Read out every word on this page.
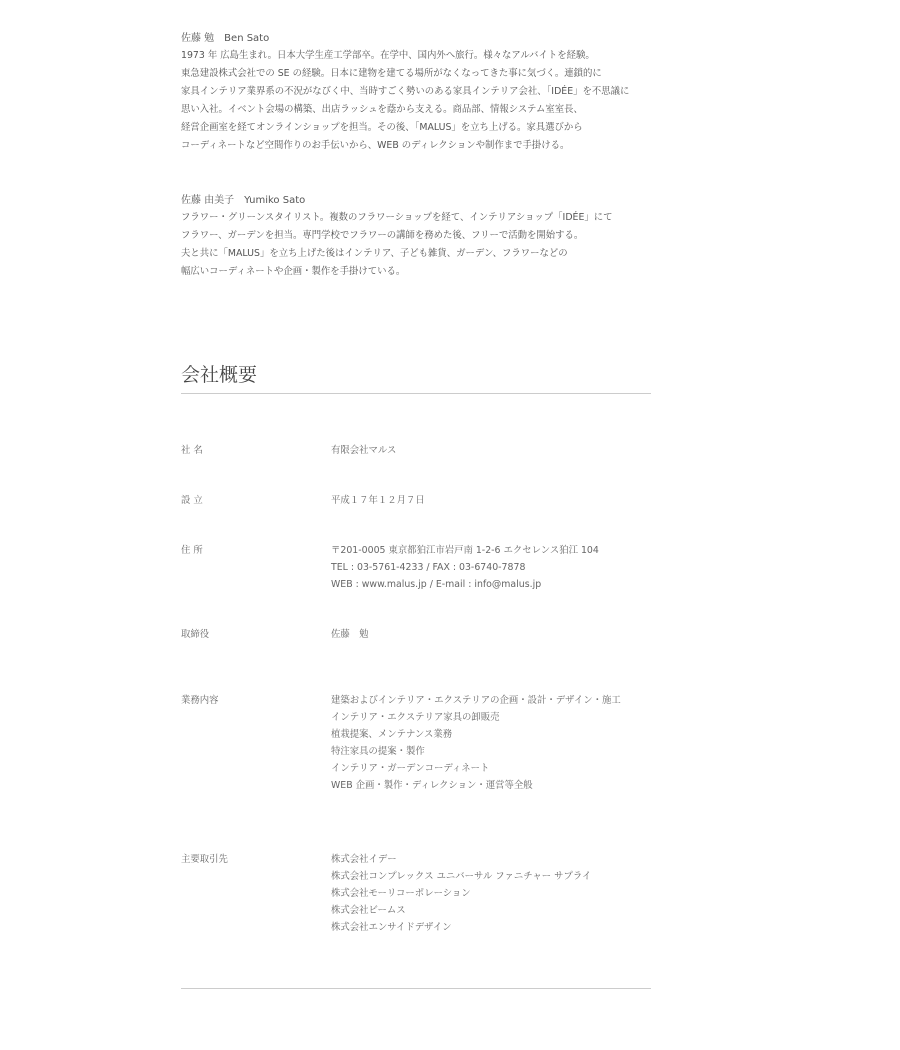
佐藤 勉　Ben Sato

1973 年 広島生まれ。日本大学生産工学部卒。在学中、国内外へ旅行。様々なアルバイトを経験。

東急建設株式会社での SE の経験。日本に建物を建てる場所がなくなってきた事に気づく。連鎖的に

家具インテリア業界系の不況がなびく中、当時すごく勢いのある家具インテリア会社、「IDÉE」を不思議に

思い入社。イベント会場の構築、出店ラッシュを蔭から支える。商品部、情報システム室室長、

経営企画室を経てオンラインショップを担当。その後、「MALUS」を立ち上げる。家具選びから

コーディネートなど空間作りのお手伝いから、WEB のディレクションや制作まで手掛ける。

佐藤 由美子　Yumiko Sato

フラワー・グリーンスタイリスト。複数のフラワーショップを経て、インテリアショップ「IDÉE」にて

フラワー、ガーデンを担当。専門学校でフラワーの講師を務めた後、フリーで活動を開始する。

夫と共に「MALUS」を立ち上げた後はインテリア、子ども雑貨、ガーデン、フラワーなどの

幅広いコーディネートや企画・製作を手掛けている。

会社概要
社 名	有限会社マルス

設 立	平成１７年１２月７日

住 所	〒201-0005 東京都狛江市岩戸南 1-2-6 エクセレンス狛江 104

TEL : 03-5761-4233 / FAX : 03-6740-7878

WEB : www.malus.jp / E-mail : info@malus.jp

取締役	佐藤　勉

業務内容	建築およびインテリア・エクステリアの企画・設計・デザイン・施工

インテリア・エクステリア家具の卸販売

植栽提案、メンテナンス業務

特注家具の提案・製作

インテリア・ガーデンコーディネート

WEB 企画・製作・ディレクション・運営等全般

主要取引先	株式会社イデー

株式会社コンプレックス ユニバーサル ファニチャー サプライ

株式会社モーリコーポレーション

株式会社ビームス

株式会社エンサイドデザイン
